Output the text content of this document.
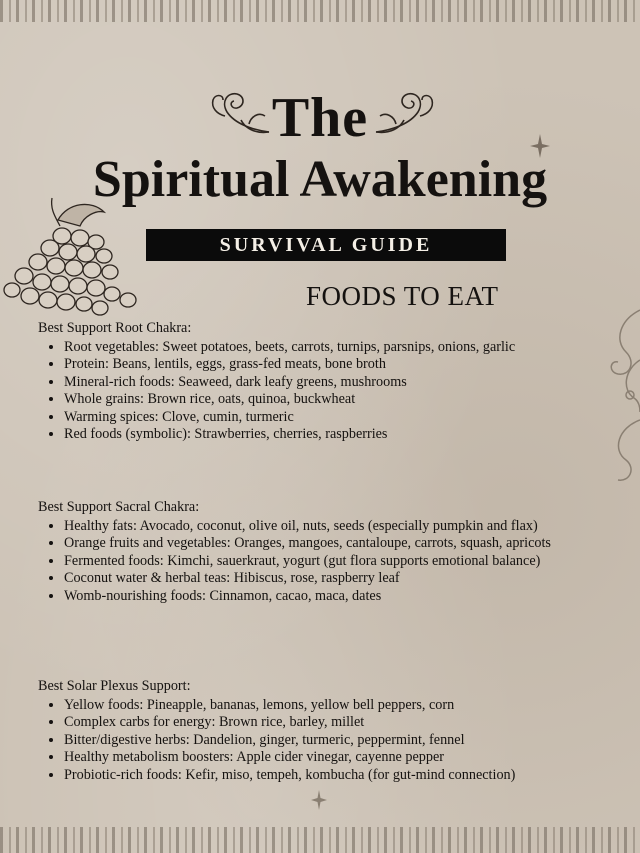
The
Spiritual Awakening
SURVIVAL GUIDE
FOODS TO EAT
Best Support Root Chakra:
• Root vegetables: Sweet potatoes, beets, carrots, turnips, parsnips, onions, garlic
• Protein: Beans, lentils, eggs, grass-fed meats, bone broth
• Mineral-rich foods: Seaweed, dark leafy greens, mushrooms
• Whole grains: Brown rice, oats, quinoa, buckwheat
• Warming spices: Clove, cumin, turmeric
• Red foods (symbolic): Strawberries, cherries, raspberries
Best Support Sacral Chakra:
• Healthy fats: Avocado, coconut, olive oil, nuts, seeds (especially pumpkin and flax)
• Orange fruits and vegetables: Oranges, mangoes, cantaloupe, carrots, squash, apricots
• Fermented foods: Kimchi, sauerkraut, yogurt (gut flora supports emotional balance)
• Coconut water & herbal teas: Hibiscus, rose, raspberry leaf
• Womb-nourishing foods: Cinnamon, cacao, maca, dates
Best Solar Plexus Support:
• Yellow foods: Pineapple, bananas, lemons, yellow bell peppers, corn
• Complex carbs for energy: Brown rice, barley, millet
• Bitter/digestive herbs: Dandelion, ginger, turmeric, peppermint, fennel
• Healthy metabolism boosters: Apple cider vinegar, cayenne pepper
• Probiotic-rich foods: Kefir, miso, tempeh, kombucha (for gut-mind connection)
